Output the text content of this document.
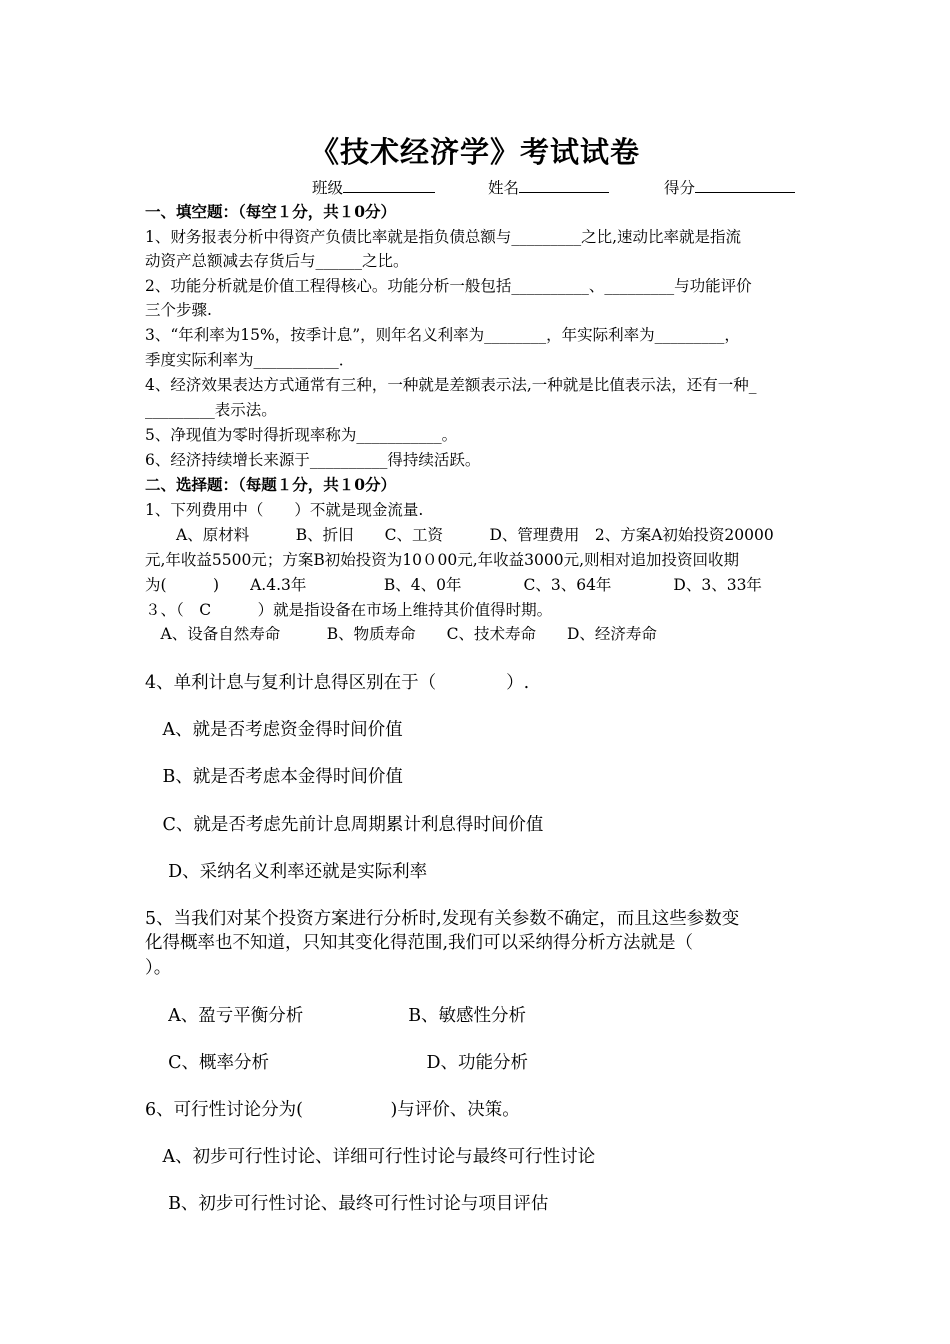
《技术经济学》考试试卷
班级	姓名	得分
一、填空题：（每空１分，共１0分）
1、财务报表分析中得资产负债比率就是指负债总额与_________之比,速动比率就是指流
动资产总额减去存货后与______之比。
2、功能分析就是价值工程得核心。功能分析一般包括__________、_________与功能评价
三个步骤.
3、“年利率为15%，按季计息”，则年名义利率为________，年实际利率为_________，
季度实际利率为___________．
4、经济效果表达方式通常有三种，一种就是差额表示法,一种就是比值表示法，还有一种_
_________表示法。
5、净现值为零时得折现率称为___________。
6、经济持续增长来源于__________得持续活跃。
二、选择题：（每题１分，共１0分）
1、下列费用中（　　）不就是现金流量.
　　A、原材料　　　B、折旧　　C、工资　　　D、管理费用　2、方案A初始投资20000
元,年收益5500元；方案B初始投资为10０00元,年收益3000元,则相对追加投资回收期
为(　　　)　　A.4.3年　　　　　B、4、0年　　　　C、3、64年　　　　D、3、33年
３、（　C　　　）就是指设备在市场上维持其价值得时期。
　A、设备自然寿命　　　B、物质寿命　　C、技术寿命　　D、经济寿命
4、单利计息与复利计息得区别在于（　　　　）.
　A、就是否考虑资金得时间价值
　B、就是否考虑本金得时间价值
　C、就是否考虑先前计息周期累计利息得时间价值
　 D、采纳名义利率还就是实际利率
5、当我们对某个投资方案进行分析时,发现有关参数不确定，而且这些参数变
化得概率也不知道，只知其变化得范围,我们可以采纳得分析方法就是（
）。
　 A、盈亏平衡分析　　　　　　B、敏感性分析
　 C、概率分析　　　　　　　　　D、功能分析
6、可行性讨论分为(　　　　　)与评价、决策。
　A、初步可行性讨论、详细可行性讨论与最终可行性讨论
　 B、初步可行性讨论、最终可行性讨论与项目评估
